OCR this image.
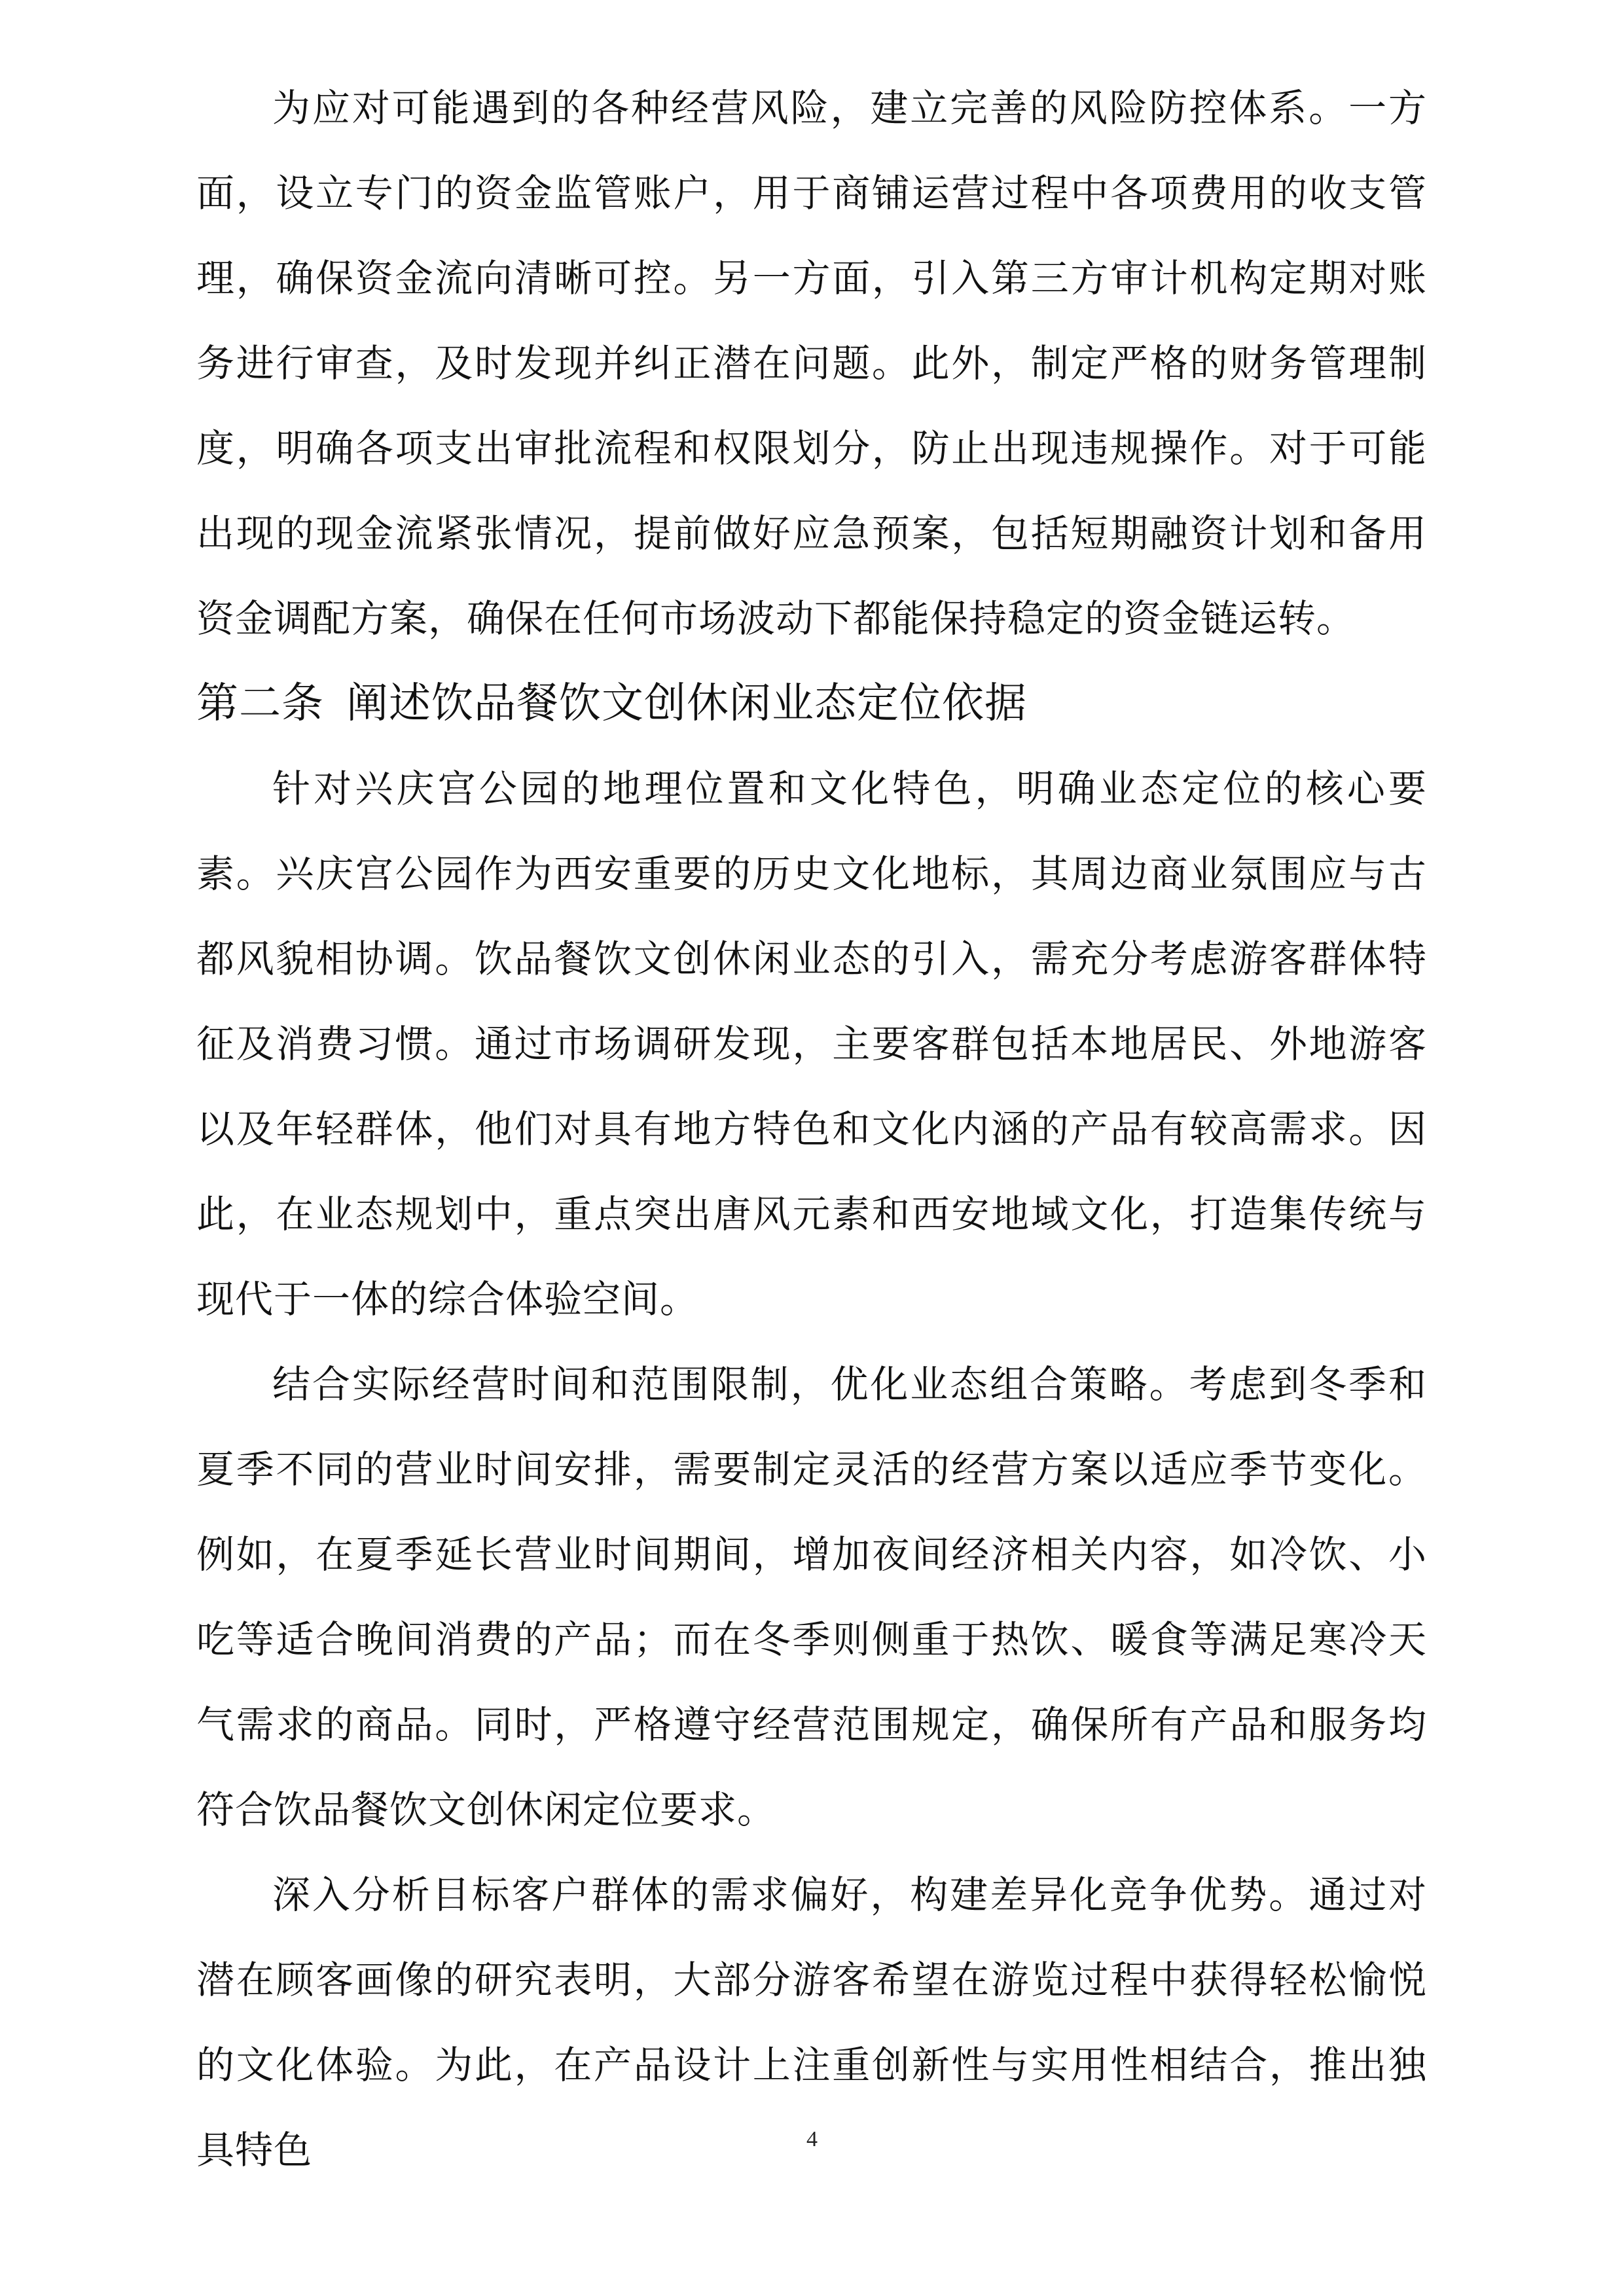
为应对可能遇到的各种经营风险，建立完善的风险防控体系。一方面，设立专门的资金监管账户，用于商铺运营过程中各项费用的收支管理，确保资金流向清晰可控。另一方面，引入第三方审计机构定期对账务进行审查，及时发现并纠正潜在问题。此外，制定严格的财务管理制度，明确各项支出审批流程和权限划分，防止出现违规操作。对于可能出现的现金流紧张情况，提前做好应急预案，包括短期融资计划和备用资金调配方案，确保在任何市场波动下都能保持稳定的资金链运转。

第二条 阐述饮品餐饮文创休闲业态定位依据

针对兴庆宫公园的地理位置和文化特色，明确业态定位的核心要素。兴庆宫公园作为西安重要的历史文化地标，其周边商业氛围应与古都风貌相协调。饮品餐饮文创休闲业态的引入，需充分考虑游客群体特征及消费习惯。通过市场调研发现，主要客群包括本地居民、外地游客以及年轻群体，他们对具有地方特色和文化内涵的产品有较高需求。因此，在业态规划中，重点突出唐风元素和西安地域文化，打造集传统与现代于一体的综合体验空间。

结合实际经营时间和范围限制，优化业态组合策略。考虑到冬季和夏季不同的营业时间安排，需要制定灵活的经营方案以适应季节变化。例如，在夏季延长营业时间期间，增加夜间经济相关内容，如冷饮、小吃等适合晚间消费的产品；而在冬季则侧重于热饮、暖食等满足寒冷天气需求的商品。同时，严格遵守经营范围规定，确保所有产品和服务均符合饮品餐饮文创休闲定位要求。

深入分析目标客户群体的需求偏好，构建差异化竞争优势。通过对潜在顾客画像的研究表明，大部分游客希望在游览过程中获得轻松愉悦的文化体验。为此，在产品设计上注重创新性与实用性相结合，推出独具特色	4
